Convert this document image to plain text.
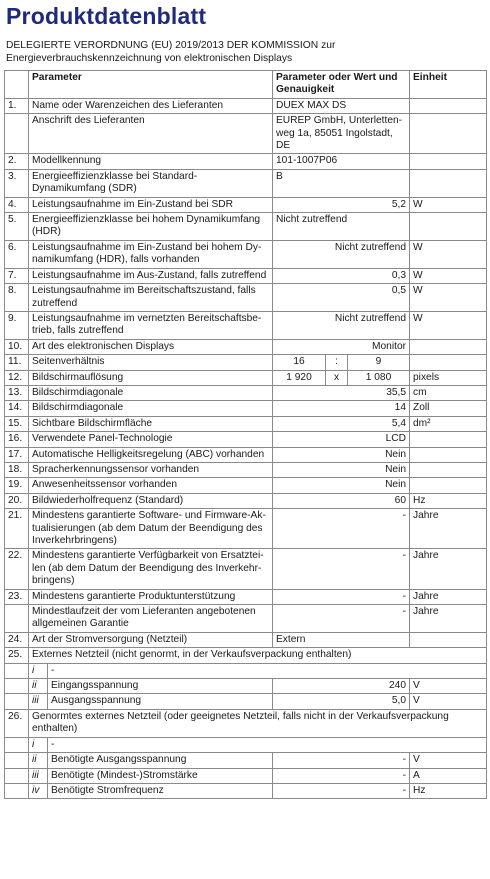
Produktdatenblatt
DELEGIERTE VERORDNUNG (EU) 2019/2013 DER KOMMISSION zur Energieverbrauchskennzeichnung von elektronischen Displays
	Parameter		Parameter oder Wert und Genauigkeit			Einheit
1.	Name oder Warenzeichen des Lieferanten		DUEX MAX DS			
	Anschrift des Lieferanten		EUREP GmbH, Unterletten-weg 1a, 85051 Ingolstadt, DE			
2.	Modellkennung		101-1007P06			
3.	Energieeffizienzklasse bei Standard-Dynamikumfang (SDR)		B			
4.	Leistungsaufnahme im Ein-Zustand bei SDR		5,2			W
5.	Energieeffizienzklasse bei hohem Dynamikumfang (HDR)		Nicht zutreffend			
6.	Leistungsaufnahme im Ein-Zustand bei hohem Dy-namikumfang (HDR), falls vorhanden		Nicht zutreffend			W
7.	Leistungsaufnahme im Aus-Zustand, falls zutreffend		0,3			W
8.	Leistungsaufnahme im Bereitschaftszustand, falls zutreffend		0,5			W
9.	Leistungsaufnahme im vernetzten Bereitschaftsbe-trieb, falls zutreffend		Nicht zutreffend			W
10.	Art des elektronischen Displays		Monitor			
11.	Seitenverhältnis		16	:	9	
12.	Bildschirmauflösung		1 920	x	1 080	pixels
13.	Bildschirmdiagonale		35,5			cm
14.	Bildschirmdiagonale		14			Zoll
15.	Sichtbare Bildschirmfläche		5,4			dm²
16.	Verwendete Panel-Technologie		LCD			
17.	Automatische Helligkeitsregelung (ABC) vorhanden		Nein			
18.	Spracherkennungssensor vorhanden		Nein			
19.	Anwesenheitssensor vorhanden		Nein			
20.	Bildwiederholfrequenz (Standard)		60			Hz
21.	Mindestens garantierte Software- und Firmware-Ak-tualisierungen (ab dem Datum der Beendigung des Inverkehrbringens)		-			Jahre
22.	Mindestens garantierte Verfügbarkeit von Ersatztei-len (ab dem Datum der Beendigung des Inverkehr-bringens)		-			Jahre
23.	Mindestens garantierte Produktunterstützung		-			Jahre
	Mindestlaufzeit der vom Lieferanten angebotenen allgemeinen Garantie		-			Jahre
24.	Art der Stromversorgung (Netzteil)		Extern			
25.	Externes Netzteil (nicht genormt, in der Verkaufsverpackung enthalten)					
	i	-				
	ii	Eingangsspannung	240			V
	iii	Ausgangsspannung	5,0			V
26.	Genormtes externes Netzteil (oder geeignetes Netzteil, falls nicht in der Verkaufsverpackung enthalten)					
	i	-				
	ii	Benötigte Ausgangsspannung	-			V
	iii	Benötigte (Mindest-)Stromstärke	-			A
	iv	Benötigte Stromfrequenz	-			Hz
